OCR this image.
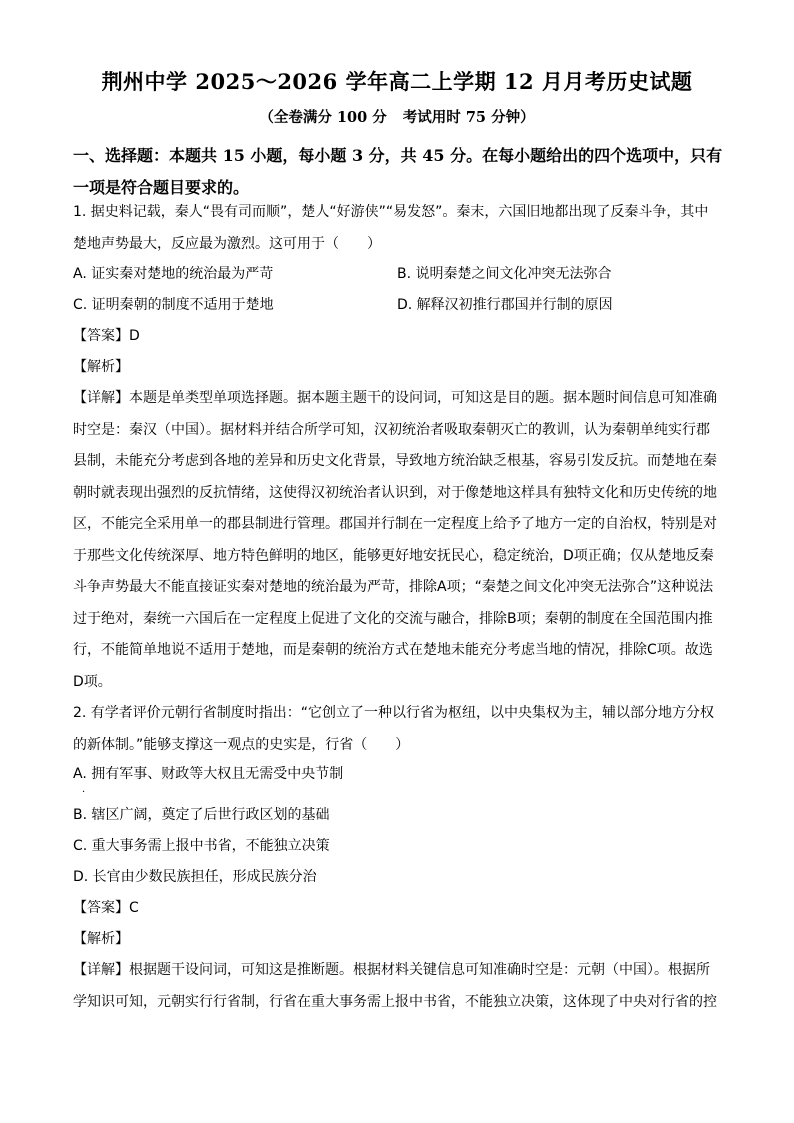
荆州中学 2025～2026 学年高二上学期 12 月月考历史试题
（全卷满分 100 分 考试用时 75 分钟）
一、选择题：本题共 15 小题，每小题 3 分，共 45 分。在每小题给出的四个选项中，只有一项是符合题目要求的。
1. 据史料记载，秦人“畏有司而顺”，楚人“好游侠”“易发怒”。秦末，六国旧地都出现了反秦斗争，其中楚地声势最大，反应最为激烈。这可用于（　　）
A. 证实秦对楚地的统治最为严苛	B. 说明秦楚之间文化冲突无法弥合
C. 证明秦朝的制度不适用于楚地	D. 解释汉初推行郡国并行制的原因
【答案】D
【解析】
【详解】本题是单类型单项选择题。据本题主题干的设问词，可知这是目的题。据本题时间信息可知准确时空是：秦汉（中国）。据材料并结合所学可知，汉初统治者吸取秦朝灭亡的教训，认为秦朝单纯实行郡县制，未能充分考虑到各地的差异和历史文化背景，导致地方统治缺乏根基，容易引发反抗。而楚地在秦朝时就表现出强烈的反抗情绪，这使得汉初统治者认识到，对于像楚地这样具有独特文化和历史传统的地区，不能完全采用单一的郡县制进行管理。郡国并行制在一定程度上给予了地方一定的自治权，特别是对于那些文化传统深厚、地方特色鲜明的地区，能够更好地安抚民心，稳定统治，D项正确；仅从楚地反秦斗争声势最大不能直接证实秦对楚地的统治最为严苛，排除A项；“秦楚之间文化冲突无法弥合”这种说法过于绝对，秦统一六国后在一定程度上促进了文化的交流与融合，排除B项；秦朝的制度在全国范围内推行，不能简单地说不适用于楚地，而是秦朝的统治方式在楚地未能充分考虑当地的情况，排除C项。故选D项。
2. 有学者评价元朝行省制度时指出：“它创立了一种以行省为枢纽，以中央集权为主，辅以部分地方分权的新体制。”能够支撑这一观点的史实是，行省（　　）
A. 拥有军事、财政等大权且无需受中央节制
·
B. 辖区广阔，奠定了后世行政区划的基础
C. 重大事务需上报中书省，不能独立决策
D. 长官由少数民族担任，形成民族分治
【答案】C
【解析】
【详解】根据题干设问词，可知这是推断题。根据材料关键信息可知准确时空是：元朝（中国）。根据所学知识可知，元朝实行行省制，行省在重大事务需上报中书省，不能独立决策，这体现了中央对行省的控
